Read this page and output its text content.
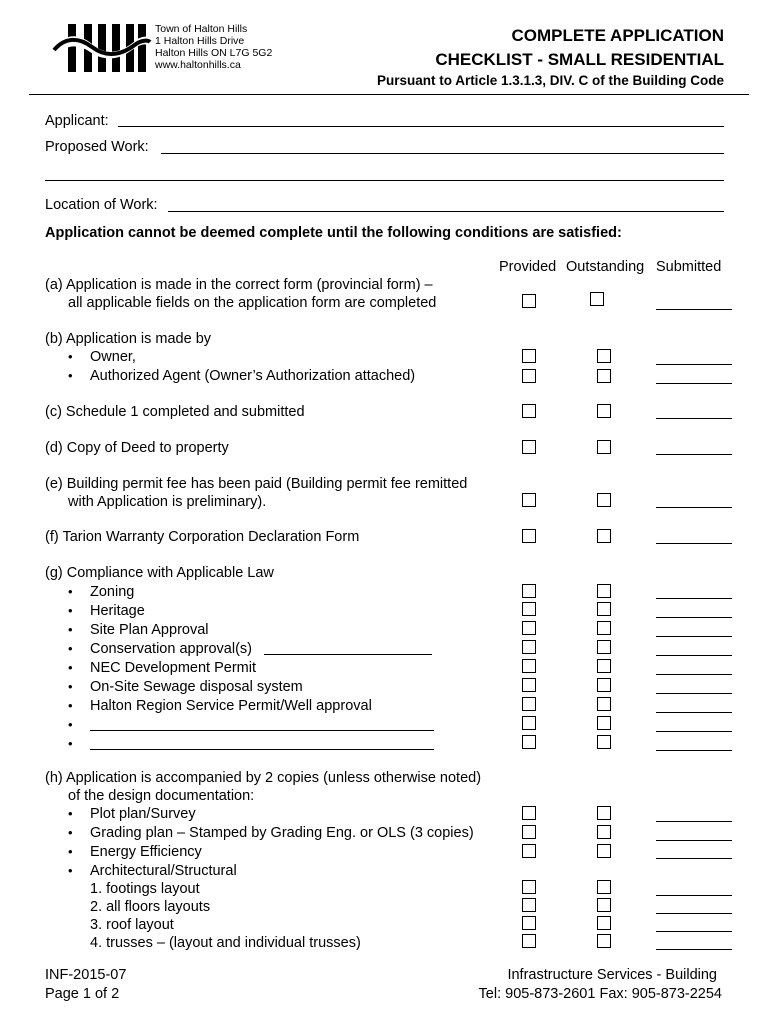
Town of Halton Hills
1 Halton Hills Drive
Halton Hills ON L7G 5G2
www.haltonhills.ca
COMPLETE APPLICATION
CHECKLIST - SMALL RESIDENTIAL
Pursuant to Article 1.3.1.3, DIV. C of the Building Code
Applicant:
Proposed Work:
Location of Work:
Application cannot be deemed complete until the following conditions are satisfied:
Provided Outstanding Submitted
(a) Application is made in the correct form (provincial form) –
all applicable fields on the application form are completed
(b) Application is made by
• Owner,
• Authorized Agent (Owner’s Authorization attached)
(c) Schedule 1 completed and submitted
(d) Copy of Deed to property
(e) Building permit fee has been paid (Building permit fee remitted
with Application is preliminary).
(f) Tarion Warranty Corporation Declaration Form
(g) Compliance with Applicable Law
• Zoning
• Heritage
• Site Plan Approval
• Conservation approval(s)
• NEC Development Permit
• On-Site Sewage disposal system
• Halton Region Service Permit/Well approval
•
•
(h) Application is accompanied by 2 copies (unless otherwise noted)
of the design documentation:
• Plot plan/Survey
• Grading plan – Stamped by Grading Eng. or OLS (3 copies)
• Energy Efficiency
• Architectural/Structural
1. footings layout
2. all floors layouts
3. roof layout
4. trusses – (layout and individual trusses)
INF-2015-07
Page 1 of 2
Infrastructure Services - Building
Tel: 905-873-2601 Fax: 905-873-2254
